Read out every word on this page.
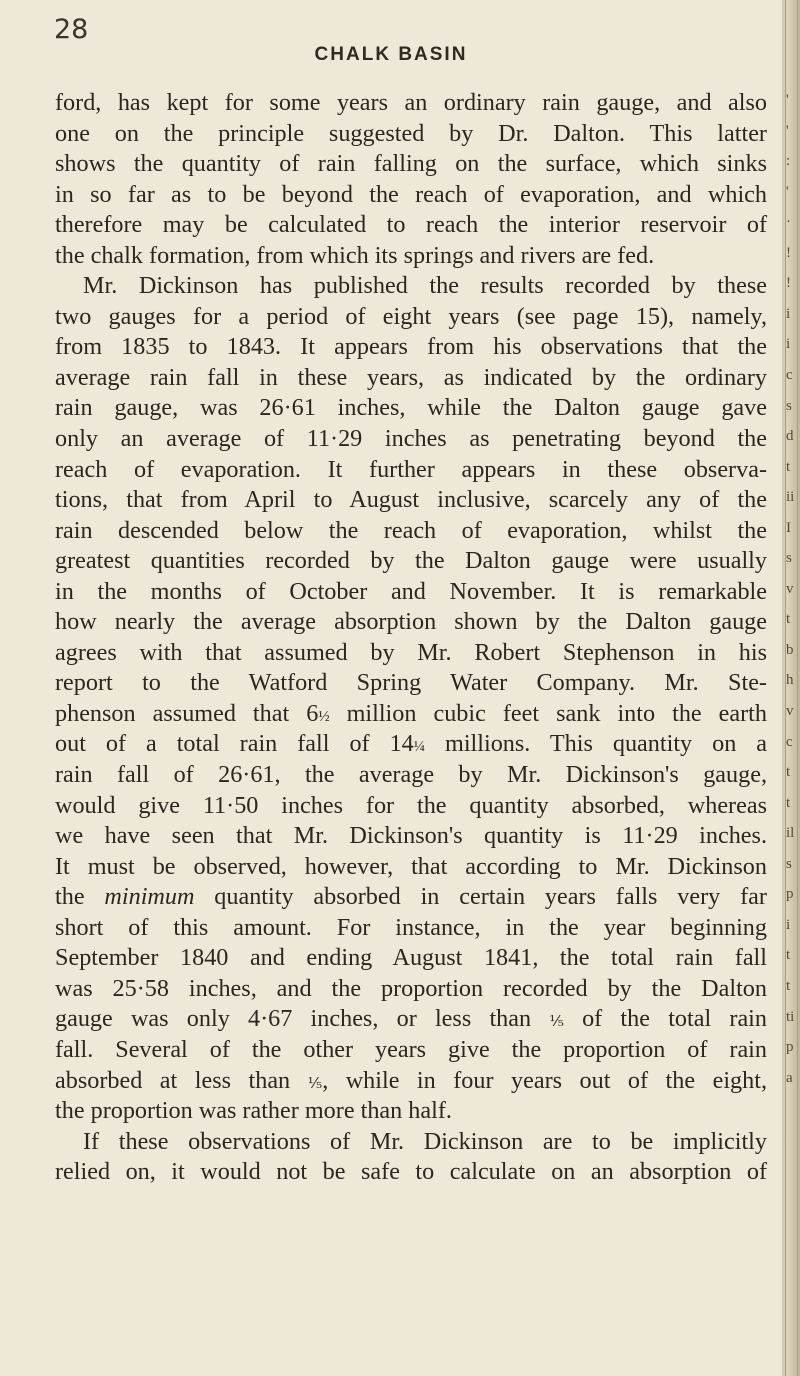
28
CHALK BASIN
ford, has kept for some years an ordinary rain gauge, and also
one on the principle suggested by Dr. Dalton. This latter
shows the quantity of rain falling on the surface, which sinks
in so far as to be beyond the reach of evaporation, and which
therefore may be calculated to reach the interior reservoir of
the chalk formation, from which its springs and rivers are fed.
Mr. Dickinson has published the results recorded by these
two gauges for a period of eight years (see page 15), namely,
from 1835 to 1843. It appears from his observations that the
average rain fall in these years, as indicated by the ordinary
rain gauge, was 26·61 inches, while the Dalton gauge gave
only an average of 11·29 inches as penetrating beyond the
reach of evaporation. It further appears in these observa-
tions, that from April to August inclusive, scarcely any of the
rain descended below the reach of evaporation, whilst the
greatest quantities recorded by the Dalton gauge were usually
in the months of October and November. It is remarkable
how nearly the average absorption shown by the Dalton gauge
agrees with that assumed by Mr. Robert Stephenson in his
report to the Watford Spring Water Company. Mr. Ste-
phenson assumed that 6½ million cubic feet sank into the earth
out of a total rain fall of 14¼ millions. This quantity on a
rain fall of 26·61, the average by Mr. Dickinson's gauge,
would give 11·50 inches for the quantity absorbed, whereas
we have seen that Mr. Dickinson's quantity is 11·29 inches.
It must be observed, however, that according to Mr. Dickinson
the minimum quantity absorbed in certain years falls very far
short of this amount. For instance, in the year beginning
September 1840 and ending August 1841, the total rain fall
was 25·58 inches, and the proportion recorded by the Dalton
gauge was only 4·67 inches, or less than ⅕ of the total rain
fall. Several of the other years give the proportion of rain
absorbed at less than ⅕, while in four years out of the eight,
the proportion was rather more than half.
If these observations of Mr. Dickinson are to be implicitly
relied on, it would not be safe to calculate on an absorption of
'
'
:
'
·
!
!
i
i
c
s
d
t
ii
I
s
v
t
b
h
v
c
t
t
il
s
p
i
t
t
ti
p
a
